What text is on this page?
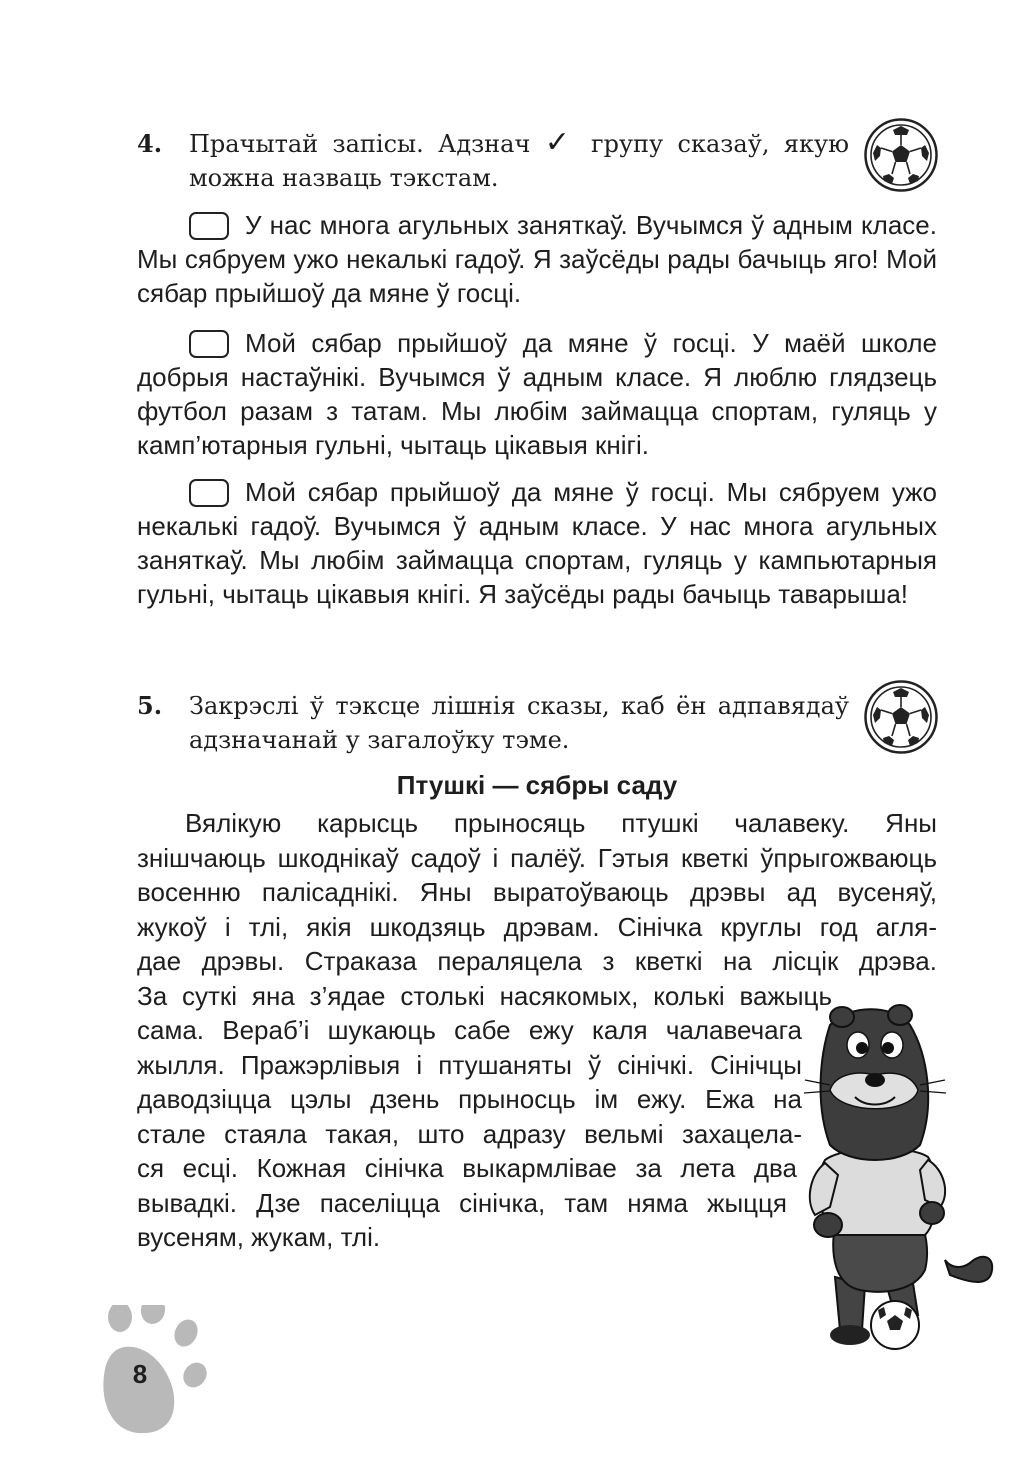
4. Прачытай запісы. Адзнач ✓ групу сказаў, якую можна назваць тэкстам.
У нас многа агульных заняткаў. Вучымся ў адным класе. Мы сябруем ужо некалькі гадоў. Я заўсёды рады бачыць яго! Мой сябар прыйшоў да мяне ў госці.
Мой сябар прыйшоў да мяне ў госці. У маёй школе добрыя настаўнікі. Вучымся ў адным класе. Я люблю глядзець футбол разам з татам. Мы любім займацца спортам, гуляць у камп’ютарныя гульні, чытаць цікавыя кнігі.
Мой сябар прыйшоў да мяне ў госці. Мы сябруем ужо некалькі гадоў. Вучымся ў адным класе. У нас многа агульных заняткаў. Мы любім займацца спортам, гуляць у кампьютарныя гульні, чытаць цікавыя кнігі. Я заўсёды рады бачыць таварыша!
5. Закрэслі ў тэксце лішнія сказы, каб ён адпавядаў адзначанай у загалоўку тэме.
Птушкі — сябры саду
Вялікую карысць прыносяць птушкі чалавеку. Яны
знішчаюць шкоднікаў садоў і палёў. Гэтыя кветкі ўпрыгожваюць
восенню палісаднікі. Яны выратоўваюць дрэвы ад вусеняў,
жукоў і тлі, якія шкодзяць дрэвам. Сінічка круглы год агля-
дае дрэвы. Страказа пераляцела з кветкі на лісцік дрэва.
За суткі яна з’ядае столькі насякомых, колькі важыць
сама. Вераб’і шукаюць сабе ежу каля чалавечага
жылля. Пражэрлівыя і птушаняты ў сінічкі. Сінічцы
даводзіцца цэлы дзень прыносць ім ежу. Ежа на
стале стаяла такая, што адразу вельмі захацела-
ся есці. Кожная сінічка выкармлівае за лета два
вывадкі. Дзе паселіцца сінічка, там няма жыцця
вусеням, жукам, тлі.
8
